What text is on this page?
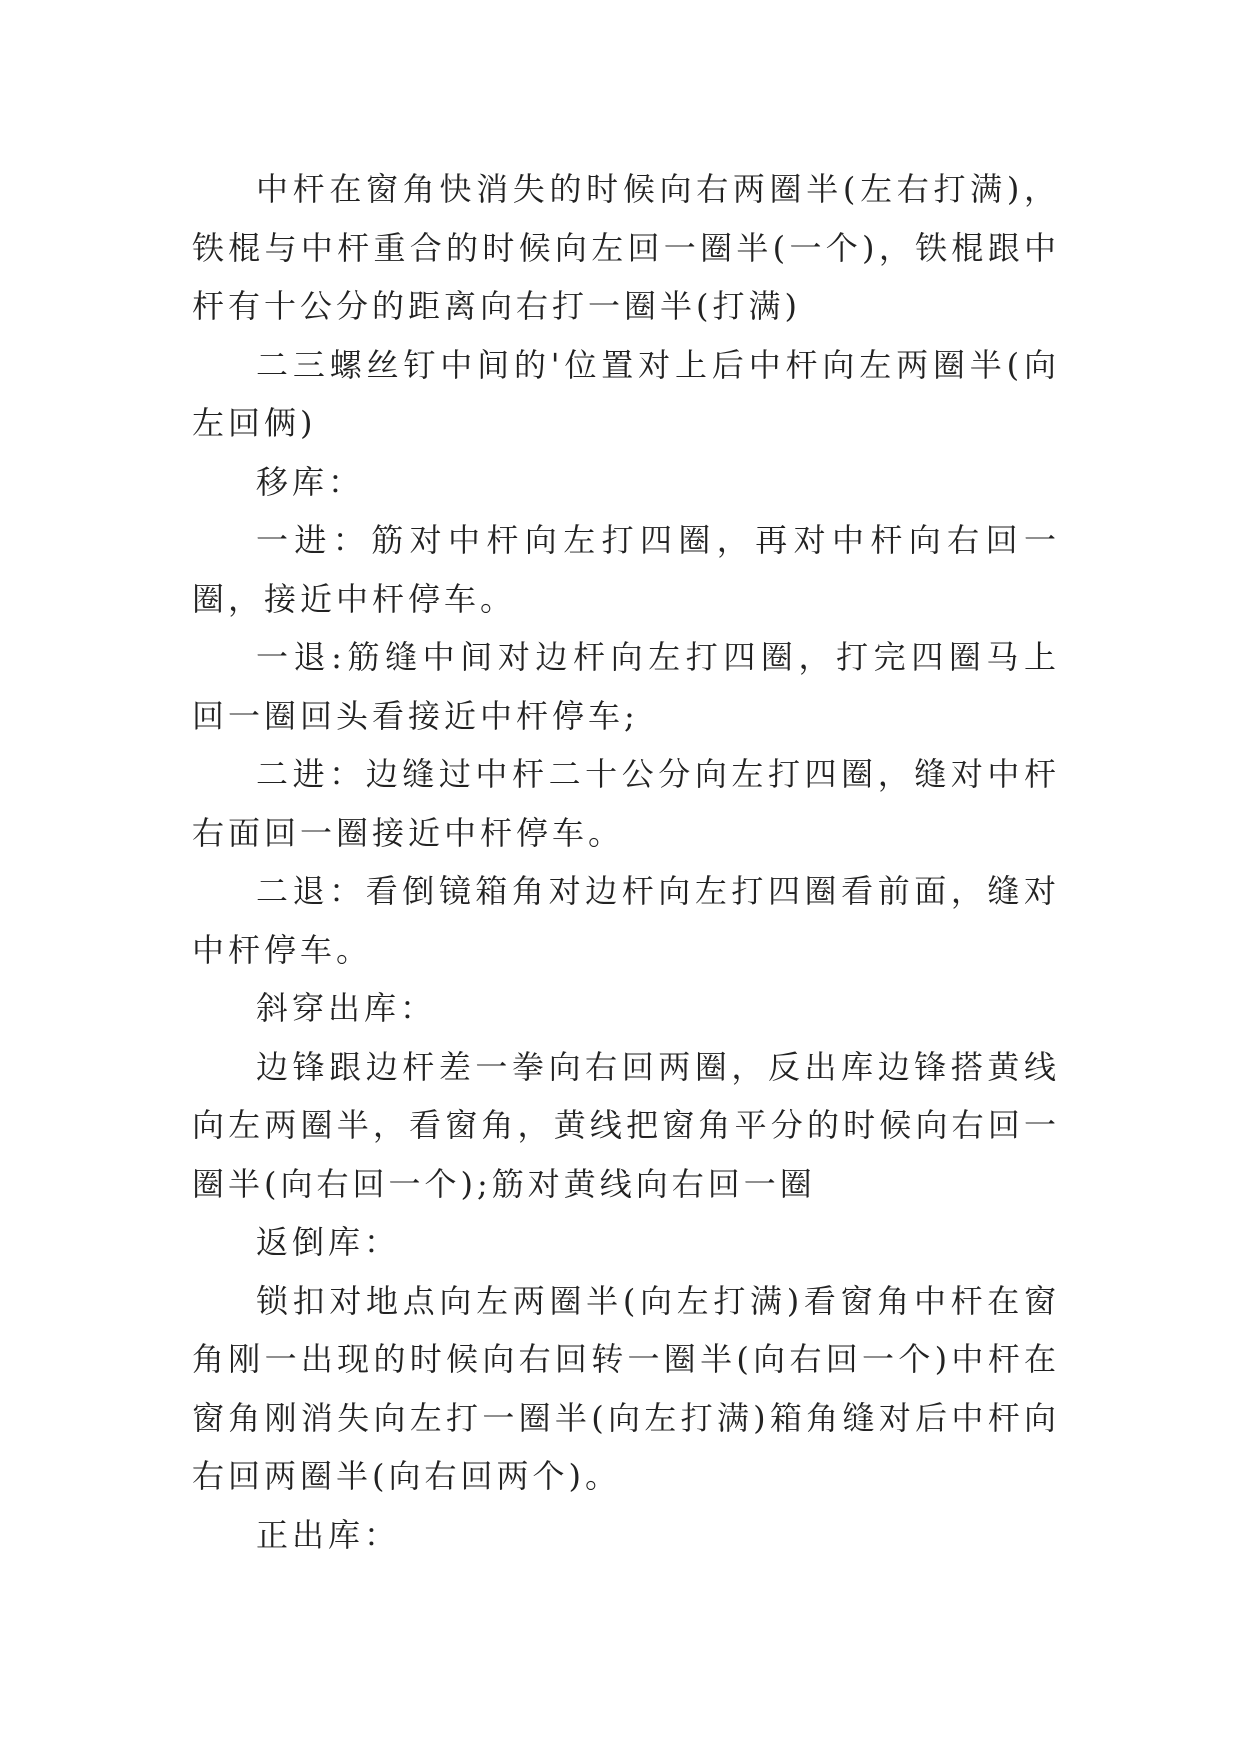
中杆在窗角快消失的时候向右两圈半(左右打满)，铁棍与中杆重合的时候向左回一圈半(一个)，铁棍跟中杆有十公分的距离向右打一圈半(打满)

二三螺丝钉中间的'位置对上后中杆向左两圈半(向左回俩)

移库：

一进：筋对中杆向左打四圈，再对中杆向右回一圈，接近中杆停车。

一退:筋缝中间对边杆向左打四圈，打完四圈马上回一圈回头看接近中杆停车;

二进：边缝过中杆二十公分向左打四圈，缝对中杆右面回一圈接近中杆停车。

二退：看倒镜箱角对边杆向左打四圈看前面，缝对中杆停车。

斜穿出库：

边锋跟边杆差一拳向右回两圈，反出库边锋搭黄线向左两圈半，看窗角，黄线把窗角平分的时候向右回一圈半(向右回一个);筋对黄线向右回一圈

返倒库：

锁扣对地点向左两圈半(向左打满)看窗角中杆在窗角刚一出现的时候向右回转一圈半(向右回一个)中杆在窗角刚消失向左打一圈半(向左打满)箱角缝对后中杆向右回两圈半(向右回两个)。

正出库：
